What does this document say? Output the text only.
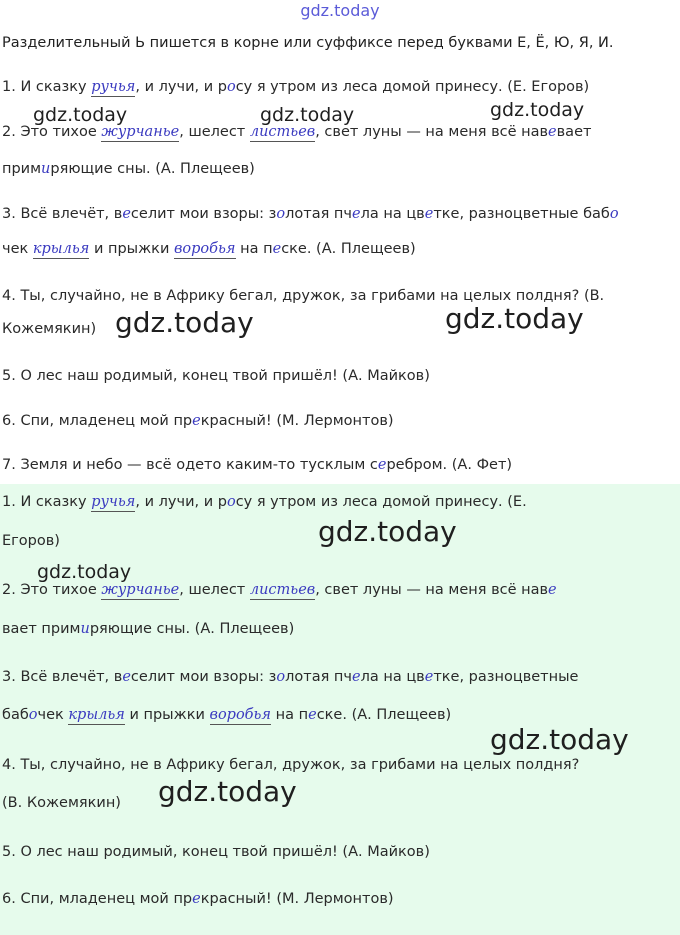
gdz.today
Разделительный Ь пишется в корне или суффиксе перед буквами Е, Ё, Ю, Я, И.
1. И сказку ручья, и лучи, и росу я утром из леса домой принесу. (Е. Егоров)
2. Это тихое журчанье, шелест листьев, свет луны — на меня всё навевает
примиряющие сны. (А. Плещеев)
3. Всё влечёт, веселит мои взоры: золотая пчела на цветке, разноцветные бабо
чек крылья и прыжки воробья на песке. (А. Плещеев)
4. Ты, случайно, не в Африку бегал, дружок, за грибами на целых полдня? (В.
Кожемякин)
5. О лес наш родимый, конец твой пришёл! (А. Майков)
6. Спи, младенец мой прекрасный! (М. Лермонтов)
7. Земля и небо — всё одето каким-то тусклым серебром. (А. Фет)
1. И сказку ручья, и лучи, и росу я утром из леса домой принесу. (Е.
Егоров)
2. Это тихое журчанье, шелест листьев, свет луны — на меня всё наве
вает примиряющие сны. (А. Плещеев)
3. Всё влечёт, веселит мои взоры: золотая пчела на цветке, разноцветные
бабочек крылья и прыжки воробья на песке. (А. Плещеев)
4. Ты, случайно, не в Африку бегал, дружок, за грибами на целых полдня?
(В. Кожемякин)
5. О лес наш родимый, конец твой пришёл! (А. Майков)
6. Спи, младенец мой прекрасный! (М. Лермонтов)
gdz.today	gdz.today	gdz.today
gdz.today	gdz.today
gdz.today
gdz.today
gdz.today
gdz.today
